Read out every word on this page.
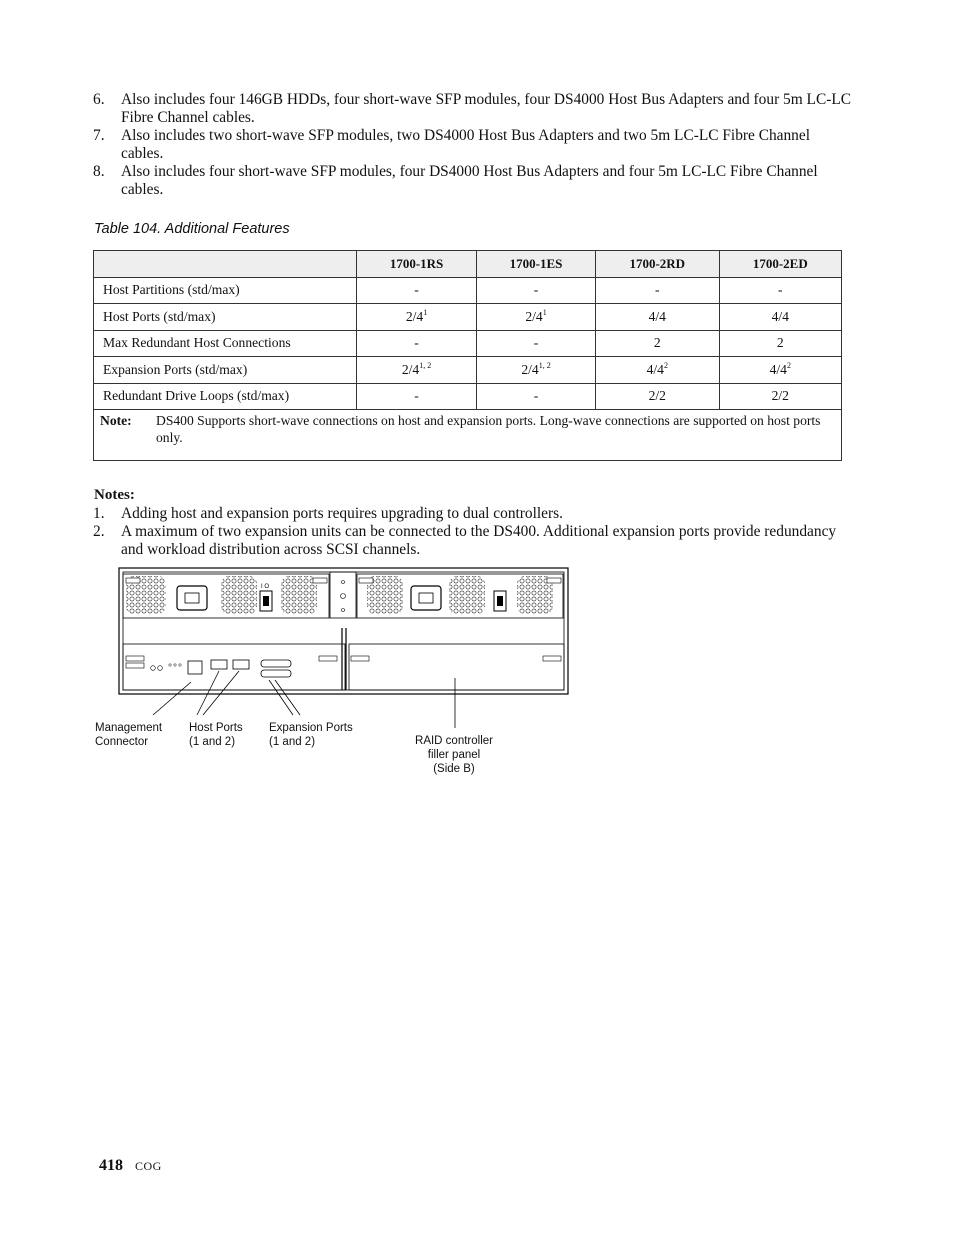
6.	Also includes four 146GB HDDs, four short-wave SFP modules, four DS4000 Host Bus Adapters and four 5m LC-LC Fibre Channel cables.
7.	Also includes two short-wave SFP modules, two DS4000 Host Bus Adapters and two 5m LC-LC Fibre Channel cables.
8.	Also includes four short-wave SFP modules, four DS4000 Host Bus Adapters and four 5m LC-LC Fibre Channel cables.
Table 104. Additional Features
	1700-1RS	1700-1ES	1700-2RD	1700-2ED
Host Partitions (std/max)	-	-	-	-
Host Ports (std/max)	$2/4^1$	$2/4^1$	4/4	4/4
Max Redundant Host Connections	-	-	2	2
Expansion Ports (std/max)	2/4$^{1, 2}$	2/4$^{1, 2}$	$4/4^2$	$4/4^2$
Redundant Drive Loops (std/max)	-	-	2/2	2/2

Note: DS400 Supports short-wave connections on host and expansion ports. Long-wave connections are supported on host ports only.				
Notes:
1.	Adding host and expansion ports requires upgrading to dual controllers.
2.	A maximum of two expansion units can be connected to the DS400. Additional expansion ports provide redundancy and workload distribution across SCSI channels.
I O
Management
Connector
Host Ports
(1 and 2)
Expansion Ports
(1 and 2)	RAID controller
filler panel
(Side B)
418 COG
